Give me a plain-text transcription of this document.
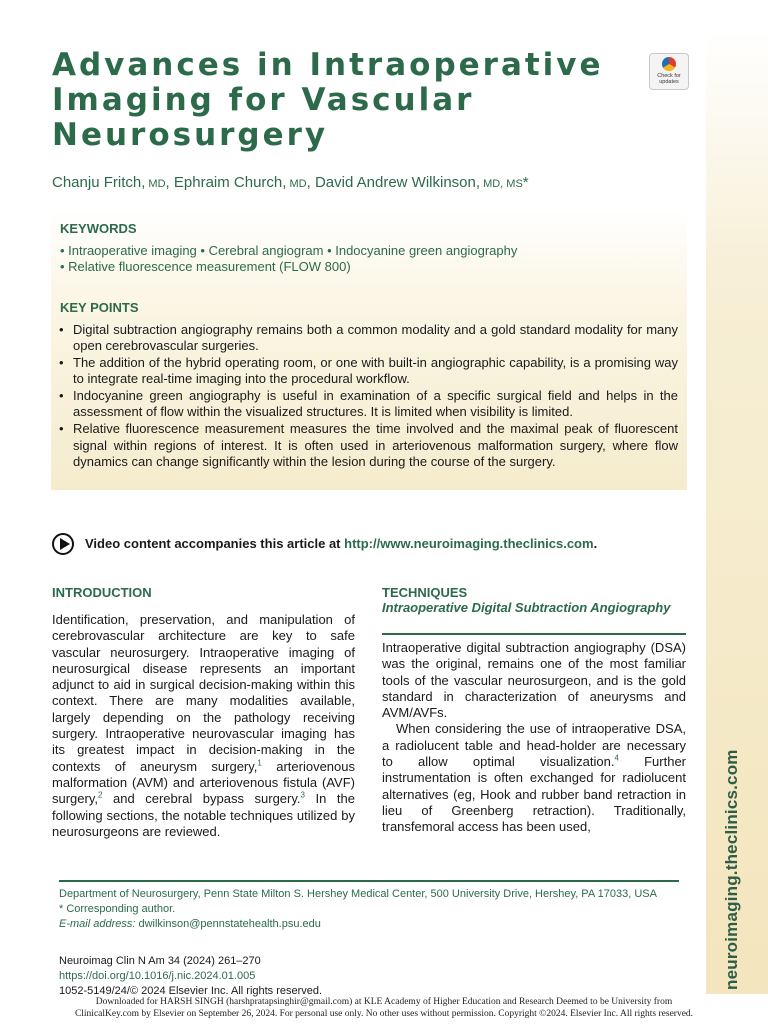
neuroimaging.theclinics.com
Advances in Intraoperative
Imaging for Vascular
Neurosurgery
Check for updates
Chanju Fritch, MD, Ephraim Church, MD, David Andrew Wilkinson, MD, MS*
KEYWORDS
• Intraoperative imaging • Cerebral angiogram • Indocyanine green angiography
• Relative fluorescence measurement (FLOW 800)
KEY POINTS
• Digital subtraction angiography remains both a common modality and a gold standard modality for many open cerebrovascular surgeries.
• The addition of the hybrid operating room, or one with built-in angiographic capability, is a promising way to integrate real-time imaging into the procedural workflow.
• Indocyanine green angiography is useful in examination of a specific surgical field and helps in the assessment of flow within the visualized structures. It is limited when visibility is limited.
• Relative fluorescence measurement measures the time involved and the maximal peak of fluorescent signal within regions of interest. It is often used in arteriovenous malformation surgery, where flow dynamics can change significantly within the lesion during the course of the surgery.
Video content accompanies this article at http://www.neuroimaging.theclinics.com.
INTRODUCTION

Identification, preservation, and manipulation of cerebrovascular architecture are key to safe vascular neurosurgery. Intraoperative imaging of neurosurgical disease represents an important adjunct to aid in surgical decision-making within this context. There are many modalities available, largely depending on the pathology receiving surgery. Intraoperative neurovascular imaging has its greatest impact in decision-making in the contexts of aneurysm surgery,$^1$ arteriovenous malformation (AVM) and arteriovenous fistula (AVF) surgery,$^2$ and cerebral bypass surgery.$^3$ In the following sections, the notable techniques utilized by neurosurgeons are reviewed.

TECHNIQUES
Intraoperative Digital Subtraction Angiography

Intraoperative digital subtraction angiography (DSA) was the original, remains one of the most familiar tools of the vascular neurosurgeon, and is the gold standard in characterization of aneurysms and AVM/AVFs.

When considering the use of intraoperative DSA, a radiolucent table and head-holder are necessary to allow optimal visualization.$^4$ Further instrumentation is often exchanged for radiolucent alternatives (eg, Hook and rubber band retraction in lieu of Greenberg retraction). Traditionally, transfemoral access has been used,

Department of Neurosurgery, Penn State Milton S. Hershey Medical Center, 500 University Drive, Hershey, PA 17033, USA
* Corresponding author.
E-mail address: dwilkinson@pennstatehealth.psu.edu
Neuroimag Clin N Am 34 (2024) 261–270
https://doi.org/10.1016/j.nic.2024.01.005
1052-5149/24/© 2024 Elsevier Inc. All rights reserved.
Downloaded for HARSH SINGH (harshpratapsinghir@gmail.com) at KLE Academy of Higher Education and Research Deemed to be University from
ClinicalKey.com by Elsevier on September 26, 2024. For personal use only. No other uses without permission. Copyright ©2024. Elsevier Inc. All rights reserved.
